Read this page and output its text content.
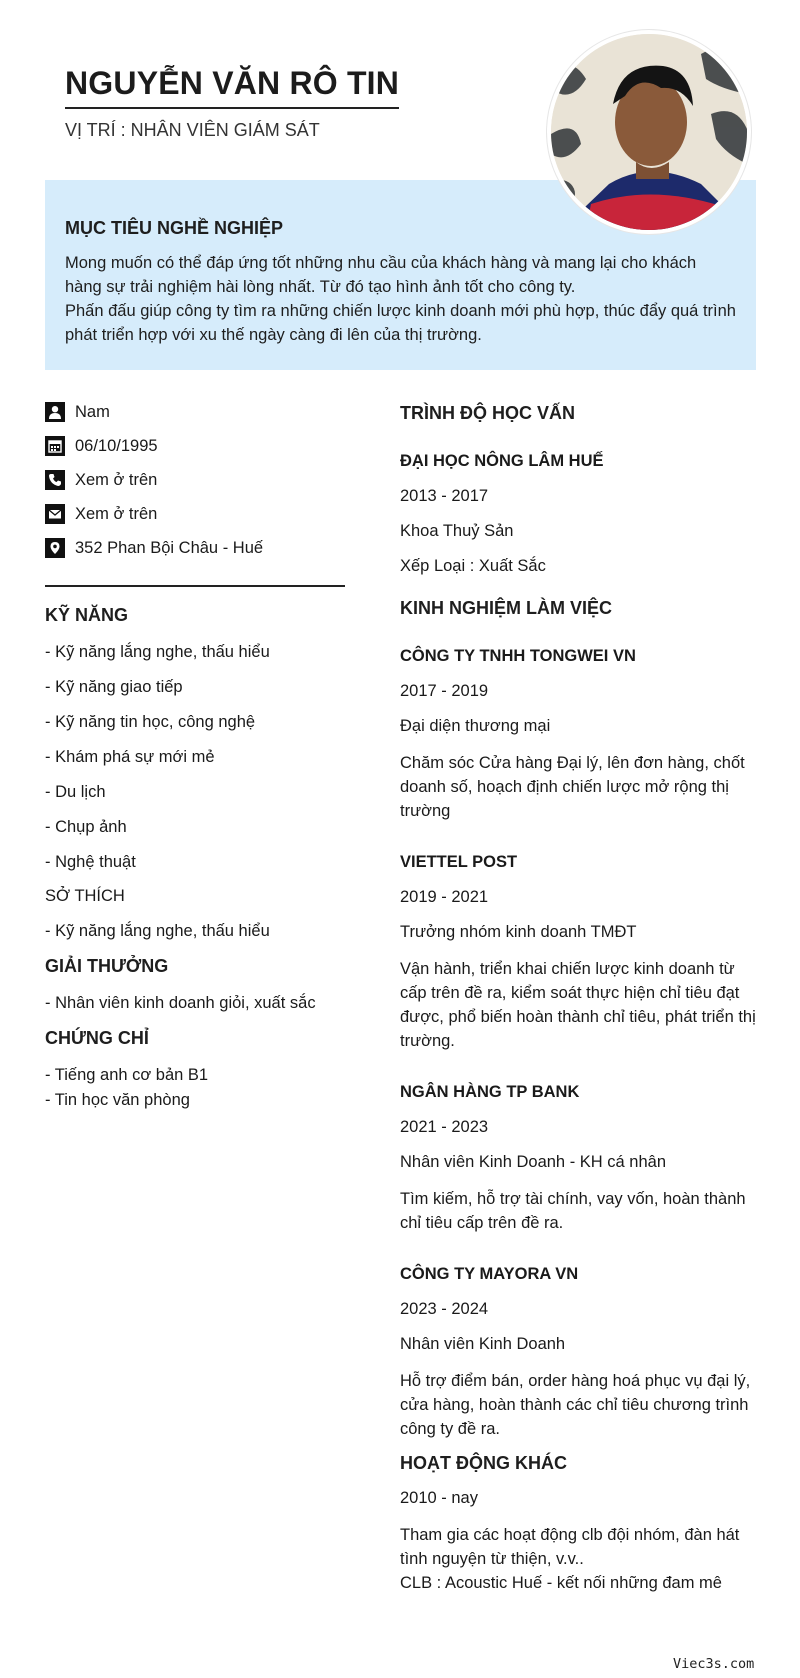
NGUYỄN VĂN RÔ TIN

VỊ TRÍ : NHÂN VIÊN GIÁM SÁT

MỤC TIÊU NGHỀ NGHIỆP

Mong muốn có thể đáp ứng tốt những nhu cầu của khách hàng và mang lại cho khách hàng sự trải nghiệm hài lòng nhất. Từ đó tạo hình ảnh tốt cho công ty.

Phấn đấu giúp công ty tìm ra những chiến lược kinh doanh mới phù hợp, thúc đẩy quá trình phát triển hợp với xu thế ngày càng đi lên của thị trường.

Nam
06/10/1995
Xem ở trên
Xem ở trên
352 Phan Bội Châu - Huế
KỸ NĂNG
- Kỹ năng lắng nghe, thấu hiểu
- Kỹ năng giao tiếp
- Kỹ năng tin học, công nghệ
- Khám phá sự mới mẻ
- Du lịch
- Chụp ảnh
- Nghệ thuật
SỞ THÍCH
- Kỹ năng lắng nghe, thấu hiểu
GIẢI THƯỞNG
- Nhân viên kinh doanh giỏi, xuất sắc
CHỨNG CHỈ
- Tiếng anh cơ bản B1
- Tin học văn phòng
TRÌNH ĐỘ HỌC VẤN
ĐẠI HỌC NÔNG LÂM HUẾ
2013 - 2017
Khoa Thuỷ Sản
Xếp Loại : Xuất Sắc
KINH NGHIỆM LÀM VIỆC
CÔNG TY TNHH TONGWEI VN
2017 - 2019
Đại diện thương mại
Chăm sóc Cửa hàng Đại lý, lên đơn hàng, chốt doanh số, hoạch định chiến lược mở rộng thị trường
VIETTEL POST
2019 - 2021
Trưởng nhóm kinh doanh TMĐT
Vận hành, triển khai chiến lược kinh doanh từ cấp trên đề ra, kiểm soát thực hiện chỉ tiêu đạt được, phổ biến hoàn thành chỉ tiêu, phát triển thị trường.
NGÂN HÀNG TP BANK
2021 - 2023
Nhân viên Kinh Doanh - KH cá nhân
Tìm kiếm, hỗ trợ tài chính, vay vốn, hoàn thành chỉ tiêu cấp trên đề ra.
CÔNG TY MAYORA VN
2023 - 2024
Nhân viên Kinh Doanh
Hỗ trợ điểm bán, order hàng hoá phục vụ đại lý, cửa hàng, hoàn thành các chỉ tiêu chương trình công ty đề ra.
HOẠT ĐỘNG KHÁC
2010 - nay
Tham gia các hoạt động clb đội nhóm, đàn hát tình nguyện từ thiện, v.v..
CLB : Acoustic Huế - kết nối những đam mê
Viec3s.com
